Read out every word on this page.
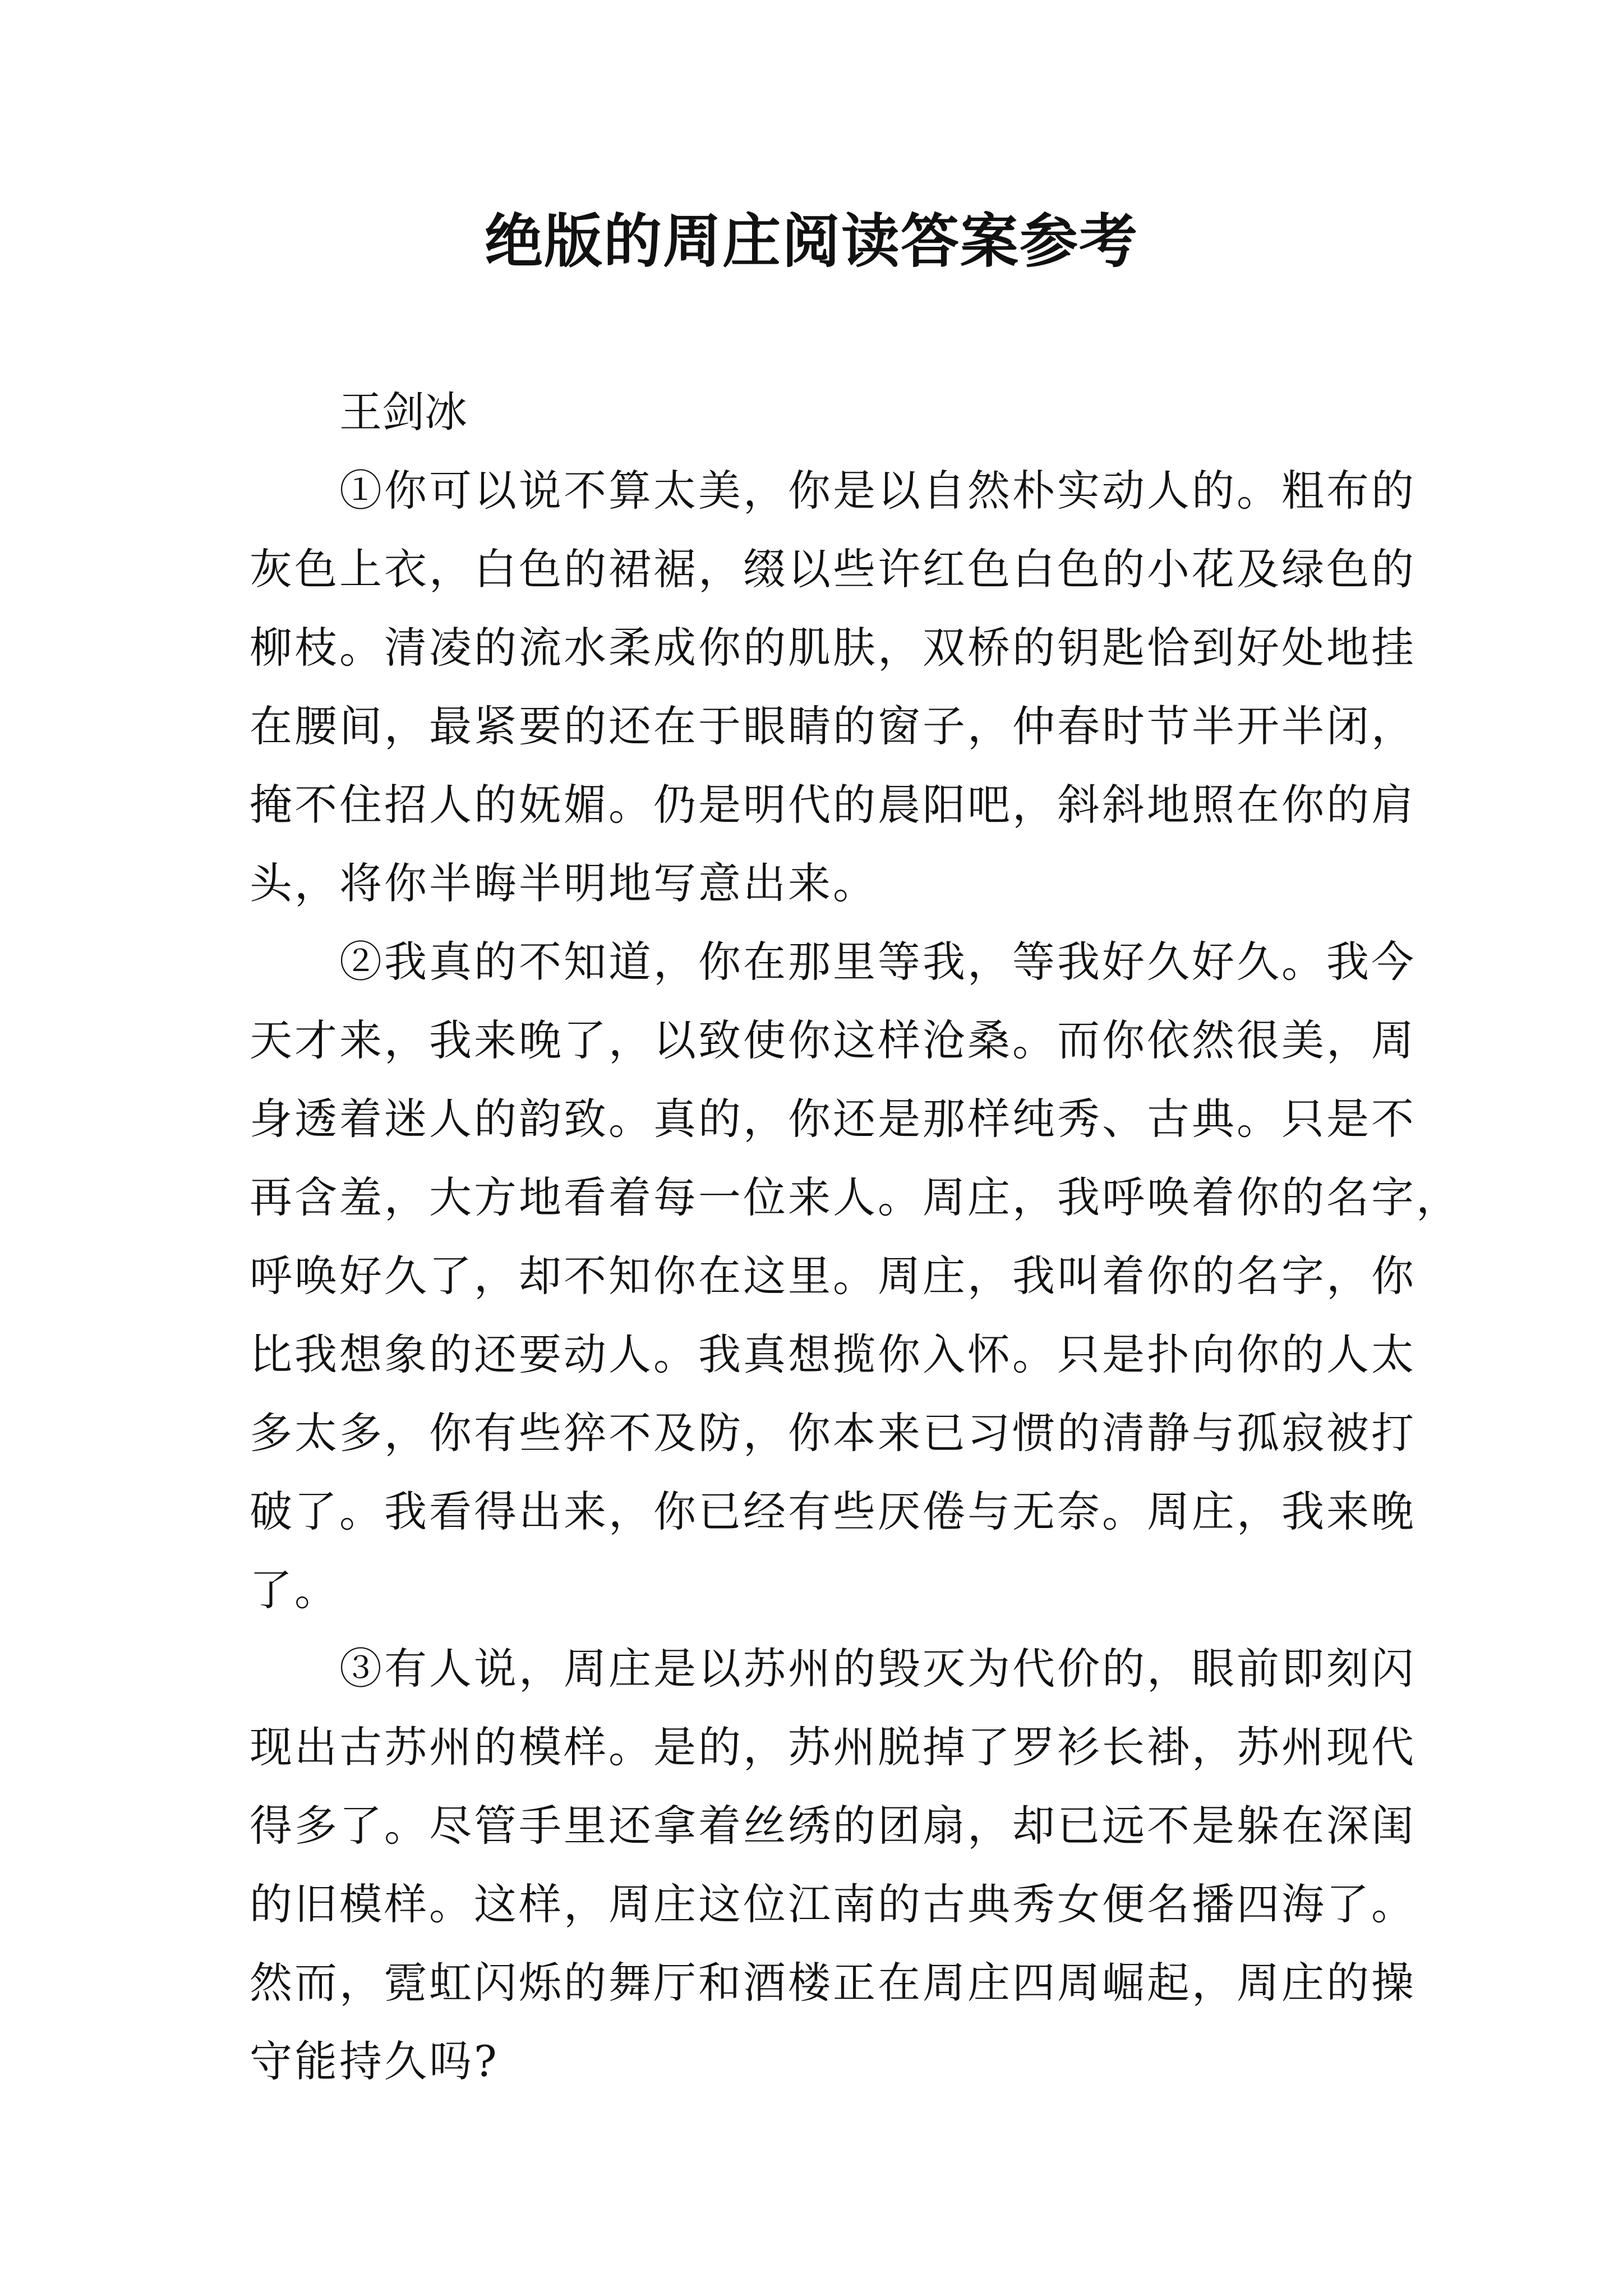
绝版的周庄阅读答案参考

王剑冰

①你可以说不算太美，你是以自然朴实动人的。粗布的
灰色上衣，白色的裙裾，缀以些许红色白色的小花及绿色的
柳枝。清凌的流水柔成你的肌肤，双桥的钥匙恰到好处地挂
在腰间，最紧要的还在于眼睛的窗子，仲春时节半开半闭，
掩不住招人的妩媚。仍是明代的晨阳吧，斜斜地照在你的肩
头，将你半晦半明地写意出来。

②我真的不知道，你在那里等我，等我好久好久。我今
天才来，我来晚了，以致使你这样沧桑。而你依然很美，周
身透着迷人的韵致。真的，你还是那样纯秀、古典。只是不
再含羞，大方地看着每一位来人。周庄，我呼唤着你的名字，
呼唤好久了，却不知你在这里。周庄，我叫着你的名字，你
比我想象的还要动人。我真想揽你入怀。只是扑向你的人太
多太多，你有些猝不及防，你本来已习惯的清静与孤寂被打
破了。我看得出来，你已经有些厌倦与无奈。周庄，我来晚
了。

③有人说，周庄是以苏州的毁灭为代价的，眼前即刻闪
现出古苏州的模样。是的，苏州脱掉了罗衫长褂，苏州现代
得多了。尽管手里还拿着丝绣的团扇，却已远不是躲在深闺
的旧模样。这样，周庄这位江南的古典秀女便名播四海了。
然而，霓虹闪烁的舞厅和酒楼正在周庄四周崛起，周庄的操
守能持久吗?
